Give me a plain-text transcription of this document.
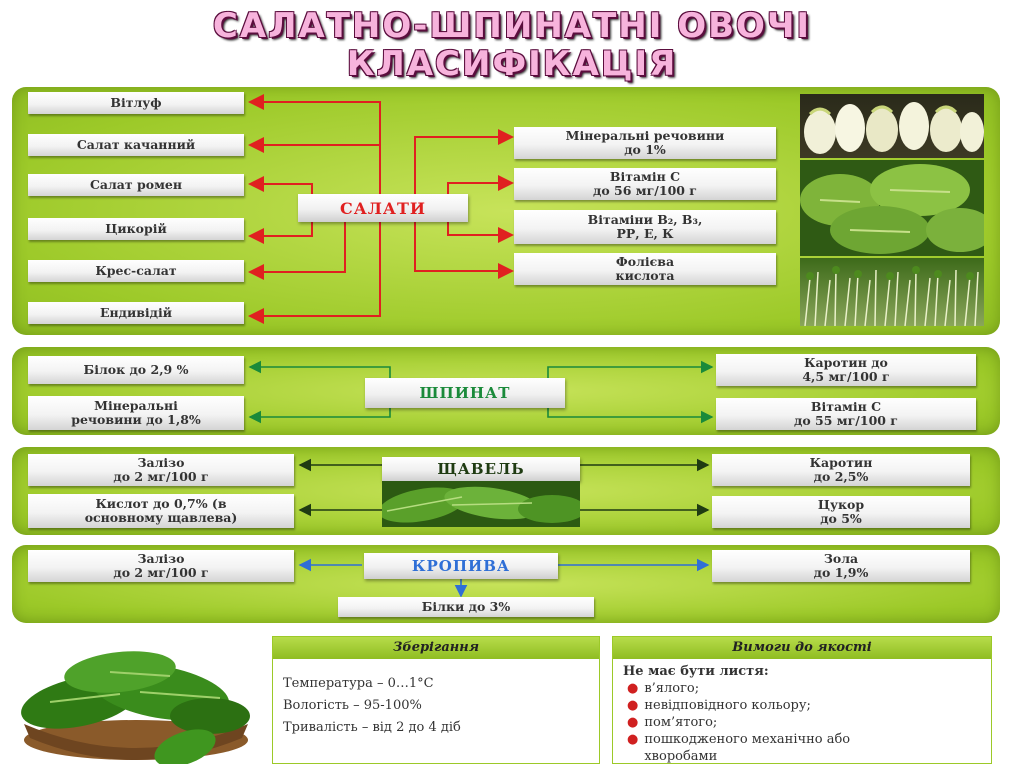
САЛАТНО-ШПИНАТНІ ОВОЧІ
КЛАСИФІКАЦІЯ
САЛАТИ
Вітлуф
Салат качанний
Салат ромен
Цикорій
Крес-салат
Ендивідій
Мінеральні речовини
до 1%
Вітамін С
до 56 мг/100 г
Вітаміни В₂, В₃,
РР, Е, К
Фолієва
кислота
ШПИНАТ
Білок до 2,9 %
Мінеральні
речовини до 1,8%
Каротин до
4,5 мг/100 г
Вітамін С
до 55 мг/100 г
ЩАВЕЛЬ
Залізо
до 2 мг/100 г
Кислот до 0,7% (в
основному щавлева)
Каротин
до 2,5%
Цукор
до 5%
КРОПИВА
Залізо
до 2 мг/100 г
Зола
до 1,9%
Білки до 3%
Зберігання
Температура – 0…1°С
Вологість – 95-100%
Тривалість – від 2 до 4 діб
Вимоги до якості
Не має бути листя:
● в’ялого;
● невідповідного кольору;
● пом’ятого;
● пошкодженого механічно або
хворобами
